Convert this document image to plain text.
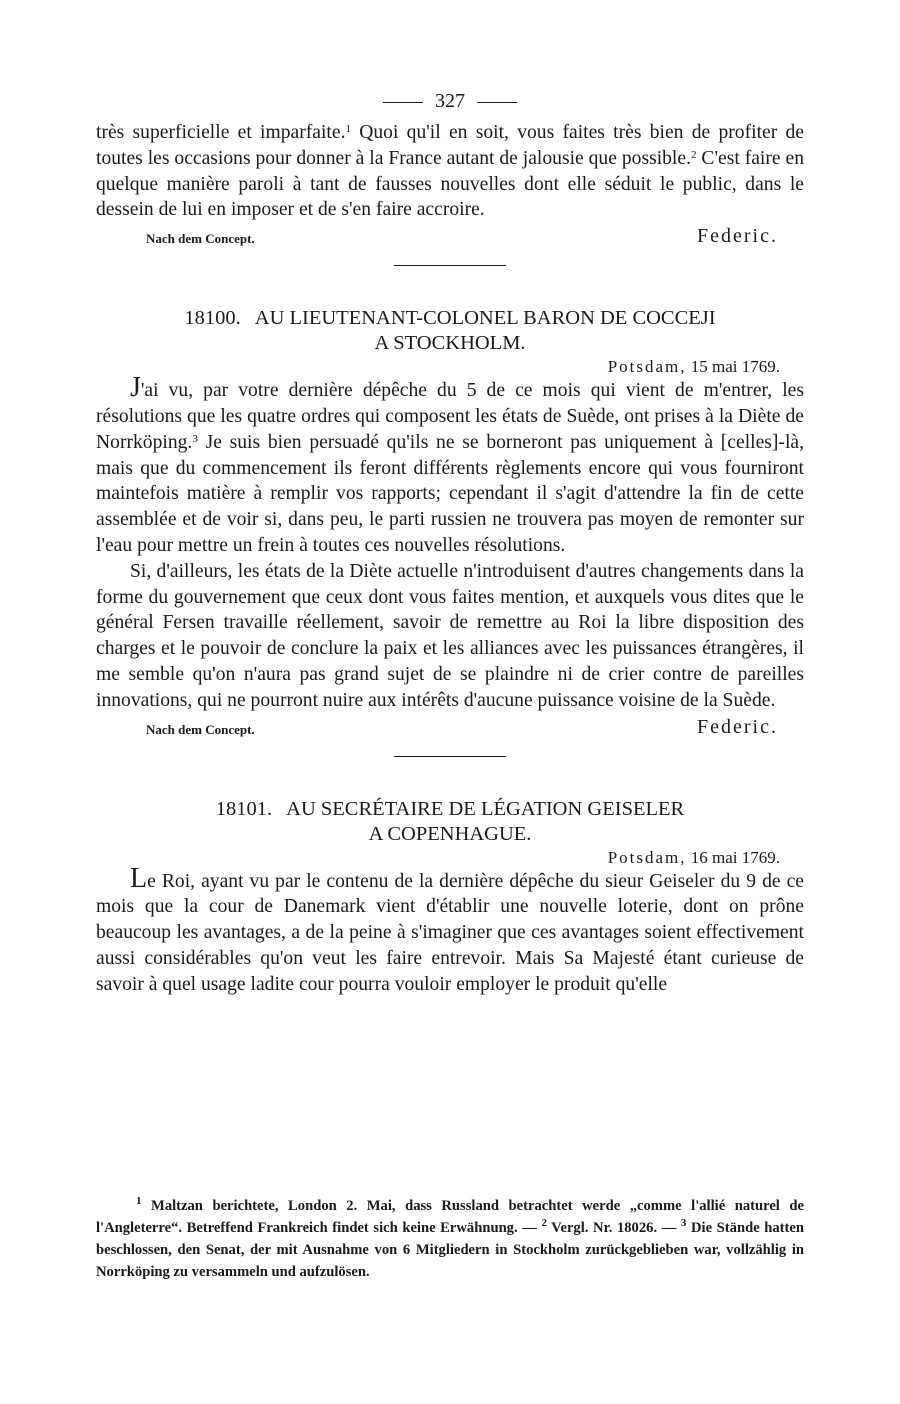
327

très superficielle et imparfaite.$^1$ Quoi qu'il en soit, vous faites très bien de profiter de toutes les occasions pour donner à la France autant de jalousie que possible.$^2$ C'est faire en quelque manière paroli à tant de fausses nouvelles dont elle séduit le public, dans le dessein de lui en imposer et de s'en faire accroire.

Nach dem Concept.	Federic.
18100. AU LIEUTENANT-COLONEL BARON DE COCCEJI
A STOCKHOLM.
Potsdam, 15 mai 1769.

J'ai vu, par votre dernière dépêche du 5 de ce mois qui vient de m'entrer, les résolutions que les quatre ordres qui composent les états de Suède, ont prises à la Diète de Norrköping.$^3$ Je suis bien persuadé qu'ils ne se borneront pas uniquement à [celles]-là, mais que du commencement ils feront différents règlements encore qui vous fourniront maintefois matière à remplir vos rapports; cependant il s'agit d'attendre la fin de cette assemblée et de voir si, dans peu, le parti russien ne trouvera pas moyen de remonter sur l'eau pour mettre un frein à toutes ces nouvelles résolutions.

Si, d'ailleurs, les états de la Diète actuelle n'introduisent d'autres changements dans la forme du gouvernement que ceux dont vous faites mention, et auxquels vous dites que le général Fersen travaille réellement, savoir de remettre au Roi la libre disposition des charges et le pouvoir de conclure la paix et les alliances avec les puissances étrangères, il me semble qu'on n'aura pas grand sujet de se plaindre ni de crier contre de pareilles innovations, qui ne pourront nuire aux intérêts d'aucune puissance voisine de la Suède.

Nach dem Concept.	Federic.
18101. AU SECRÉTAIRE DE LÉGATION GEISELER
A COPENHAGUE.
Potsdam, 16 mai 1769.

Le Roi, ayant vu par le contenu de la dernière dépêche du sieur Geiseler du 9 de ce mois que la cour de Danemark vient d'établir une nouvelle loterie, dont on prône beaucoup les avantages, a de la peine à s'imaginer que ces avantages soient effectivement aussi considérables qu'on veut les faire entrevoir. Mais Sa Majesté étant curieuse de savoir à quel usage ladite cour pourra vouloir employer le produit qu'elle

$^1$ Maltzan berichtete, London 2. Mai, dass Russland betrachtet werde „comme l'allié naturel de l'Angleterre“. Betreffend Frankreich findet sich keine Erwähnung. — $^2$ Vergl. Nr. 18026. — $^3$ Die Stände hatten beschlossen, den Senat, der mit Ausnahme von 6 Mitgliedern in Stockholm zurückgeblieben war, vollzählig in Norrköping zu versammeln und aufzulösen.
